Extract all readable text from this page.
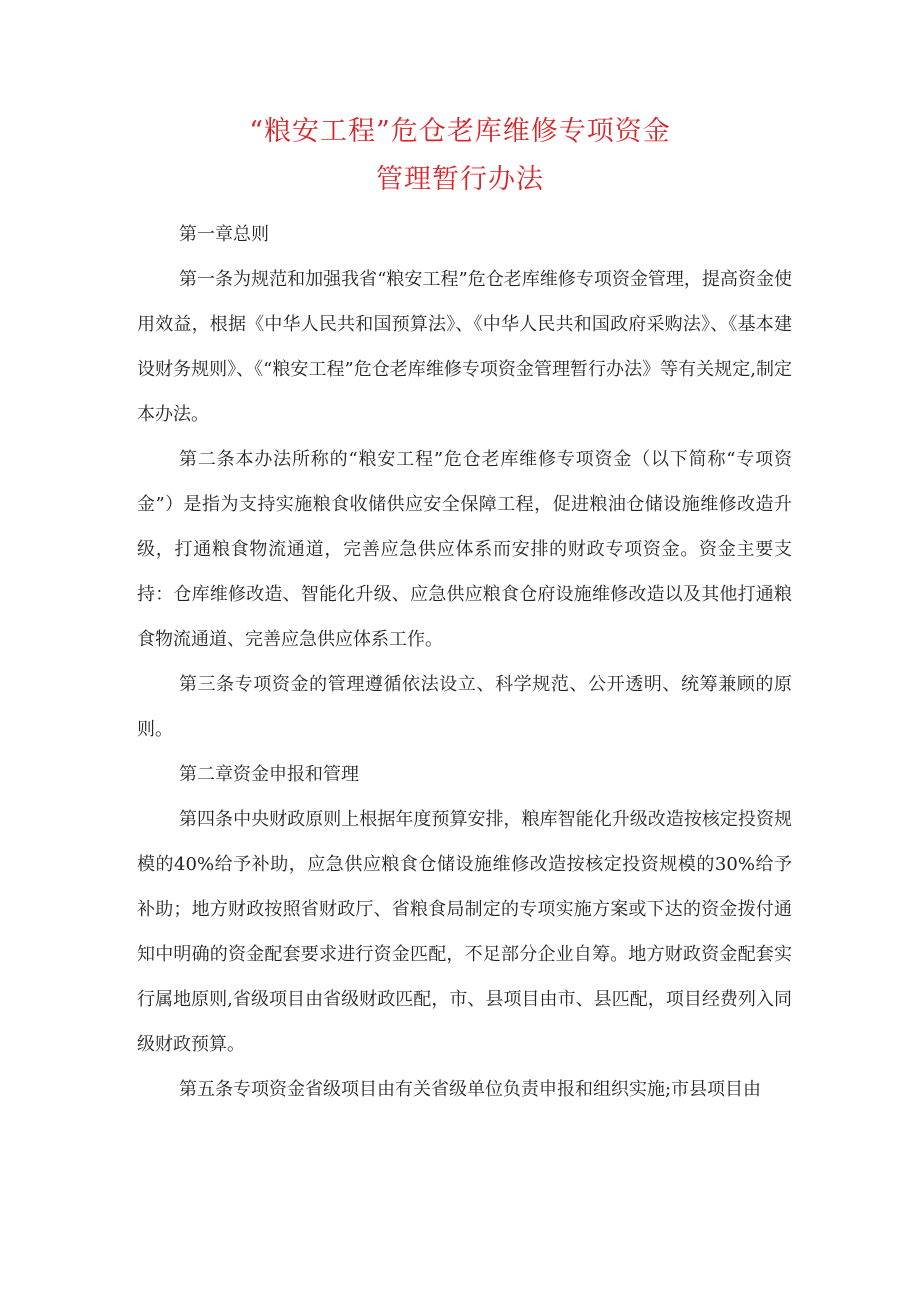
“粮安工程”危仓老库维修专项资金
管理暂行办法

第一章总则

第一条为规范和加强我省“粮安工程”危仓老库维修专项资金管理，提高资金使用效益，根据《中华人民共和国预算法》、《中华人民共和国政府采购法》、《基本建设财务规则》、《“粮安工程”危仓老库维修专项资金管理暂行办法》等有关规定,制定本办法。

第二条本办法所称的“粮安工程”危仓老库维修专项资金（以下简称“专项资金”）是指为支持实施粮食收储供应安全保障工程，促进粮油仓储设施维修改造升级，打通粮食物流通道，完善应急供应体系而安排的财政专项资金。资金主要支持：仓库维修改造、智能化升级、应急供应粮食仓府设施维修改造以及其他打通粮食物流通道、完善应急供应体系工作。

第三条专项资金的管理遵循依法设立、科学规范、公开透明、统筹兼顾的原则。

第二章资金申报和管理

第四条中央财政原则上根据年度预算安排，粮库智能化升级改造按核定投资规模的40%给予补助，应急供应粮食仓储设施维修改造按核定投资规模的30%给予补助；地方财政按照省财政厅、省粮食局制定的专项实施方案或下达的资金拨付通知中明确的资金配套要求进行资金匹配，不足部分企业自筹。地方财政资金配套实行属地原则,省级项目由省级财政匹配，市、县项目由市、县匹配，项目经费列入同级财政预算。

第五条专项资金省级项目由有关省级单位负责申报和组织实施;市县项目由
